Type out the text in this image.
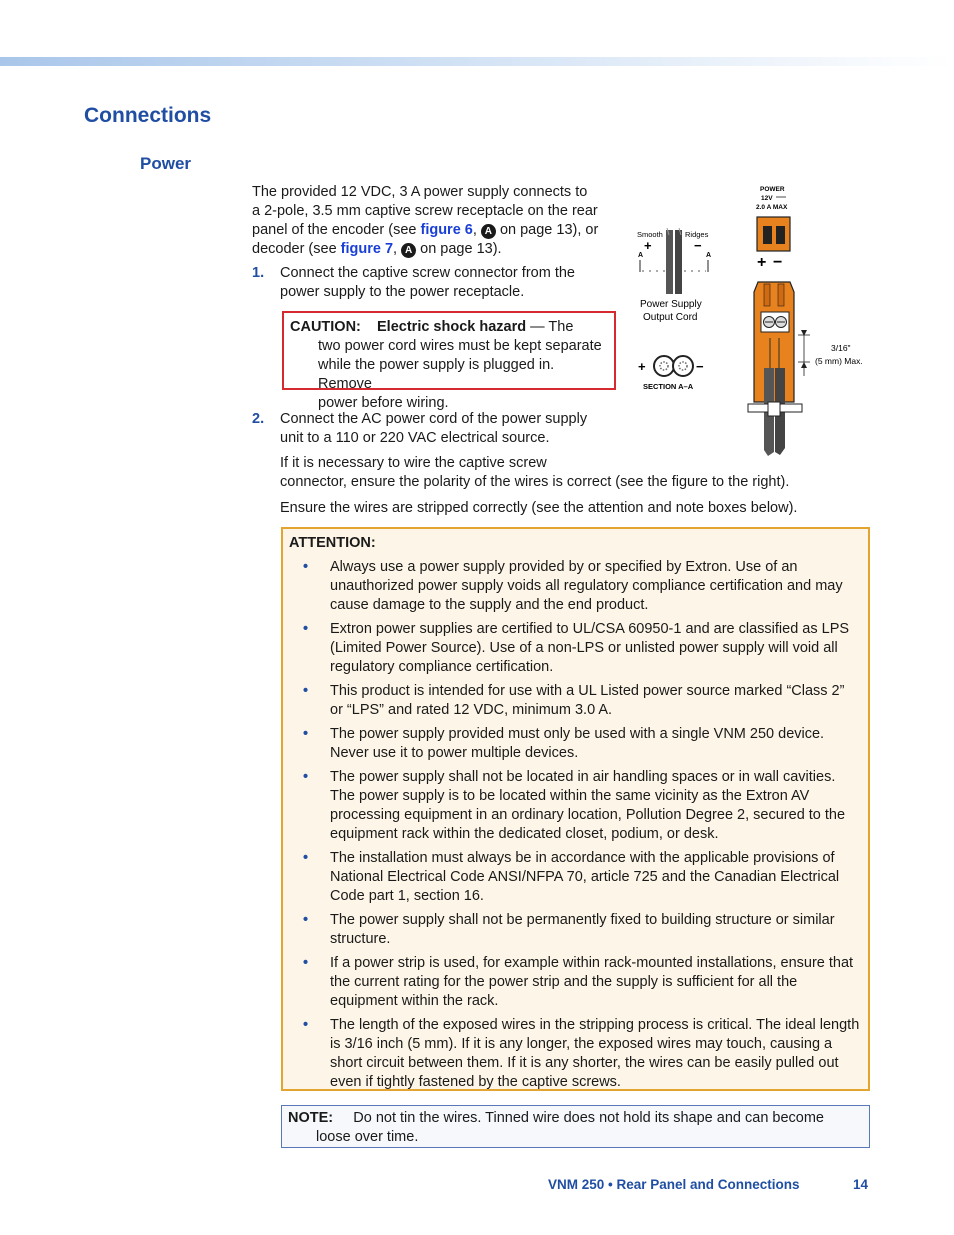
Connections
Power
The provided 12 VDC, 3 A power supply connects to
a 2-pole, 3.5 mm captive screw receptacle on the rear
panel of the encoder (see figure 6, A on page 13), or
decoder (see figure 7, A on page 13).
1. Connect the captive screw connector from the
power supply to the power receptacle.
CAUTION: Electric shock hazard — The
two power cord wires must be kept separate
while the power supply is plugged in. Remove
power before wiring.
2. Connect the AC power cord of the power supply
unit to a 110 or 220 VAC electrical source.
If it is necessary to wire the captive screw
connector, ensure the polarity of the wires is correct (see the figure to the right).
Ensure the wires are stripped correctly (see the attention and note boxes below).
Smooth	Ridges
+	−
A	A
Power Supply
Output Cord
+	−
SECTION A–A
POWER
12V
2.0 A MAX
+ −
3/16"
(5 mm) Max.
ATTENTION:
• Always use a power supply provided by or specified by Extron. Use of an unauthorized power supply voids all regulatory compliance certification and may cause damage to the supply and the end product.
• Extron power supplies are certified to UL/CSA 60950-1 and are classified as LPS (Limited Power Source). Use of a non-LPS or unlisted power supply will void all regulatory compliance certification.
• This product is intended for use with a UL Listed power source marked “Class 2” or “LPS” and rated 12 VDC, minimum 3.0 A.
• The power supply provided must only be used with a single VNM 250 device. Never use it to power multiple devices.
• The power supply shall not be located in air handling spaces or in wall cavities. The power supply is to be located within the same vicinity as the Extron AV processing equipment in an ordinary location, Pollution Degree 2, secured to the equipment rack within the dedicated closet, podium, or desk.
• The installation must always be in accordance with the applicable provisions of National Electrical Code ANSI/NFPA 70, article 725 and the Canadian Electrical Code part 1, section 16.
• The power supply shall not be permanently fixed to building structure or similar structure.
• If a power strip is used, for example within rack-mounted installations, ensure that the current rating for the power strip and the supply is sufficient for all the equipment within the rack.
• The length of the exposed wires in the stripping process is critical. The ideal length is 3/16 inch (5 mm). If it is any longer, the exposed wires may touch, causing a short circuit between them. If it is any shorter, the wires can be easily pulled out even if tightly fastened by the captive screws.
NOTE: Do not tin the wires. Tinned wire does not hold its shape and can become
loose over time.
VNM 250 • Rear Panel and Connections	14
